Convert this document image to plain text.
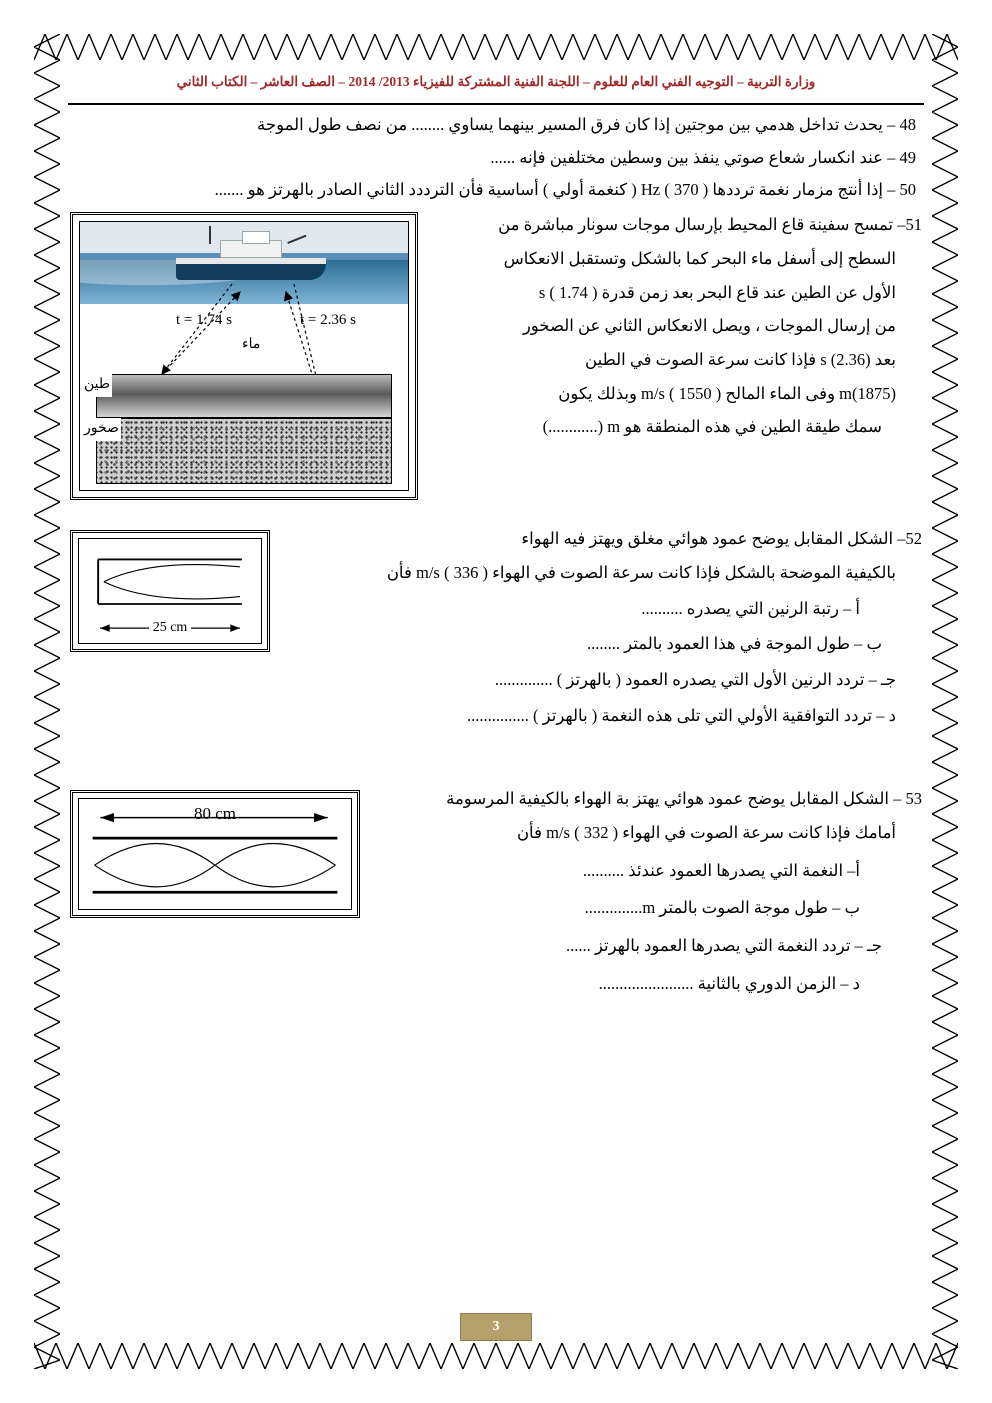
وزارة التربية – التوجيه الفني العام للعلوم – اللجنة الفنية المشتركة للفيزياء 2013/ 2014 – الصف العاشر – الكتاب الثاني
48 – يحدث تداخل هدمي بين موجتين إذا كان فرق المسير بينهما يساوي ........ من نصف طول الموجة
49 – عند انكسار شعاع صوتي ينفذ بين وسطين مختلفين فإنه ......
50 – إذا أنتج مزمار نغمة ترددها Hz ( 370 ) ( كنغمة أولي ) أساسية فأن الترددد الثاني الصادر بالهرتز هو .......

51– تمسح سفينة قاع المحيط بإرسال موجات سونار مباشرة من

السطح إلى أسفل ماء البحر كما بالشكل وتستقبل الانعكاس

الأول عن الطين عند قاع البحر بعد زمن قدرة s ( 1.74 )

من إرسال الموجات ، ويصل الانعكاس الثاني عن الصخور

بعد s (2.36) فإذا كانت سرعة الصوت في الطين

m(1875) وفى الماء المالح m/s ( 1550 ) وبذلك يكون

سمك طيقة الطين في هذه المنطقة هو m (............)

ماء
طين
صخور
t = 1.74 s	t = 2.36 s

52– الشكل المقابل يوضح عمود هوائي مغلق ويهتز فيه الهواء

بالكيفية الموضحة بالشكل فإذا كانت سرعة الصوت في الهواء m/s ( 336 ) فأن

أ – رتبة الرنين التي يصدره ..........

ب – طول الموجة في هذا العمود بالمتر ........

جـ – تردد الرنين الأول التي يصدره العمود ( بالهرتز ) ..............

د – تردد التوافقية الأولي التي تلى هذه النغمة ( بالهرتز ) ...............

$^{25 cm}$

53 – الشكل المقابل يوضح عمود هوائي يهتز بة الهواء بالكيفية المرسومة

أمامك فإذا كانت سرعة الصوت في الهواء m/s ( 332 ) فأن

أ– النغمة التي يصدرها العمود عندئذ ..........

ب – طول موجة الصوت بالمتر m..............

جـ – تردد النغمة التي يصدرها العمود بالهرتز ......

د – الزمن الدوري بالثانية .......................

80 cm
3
